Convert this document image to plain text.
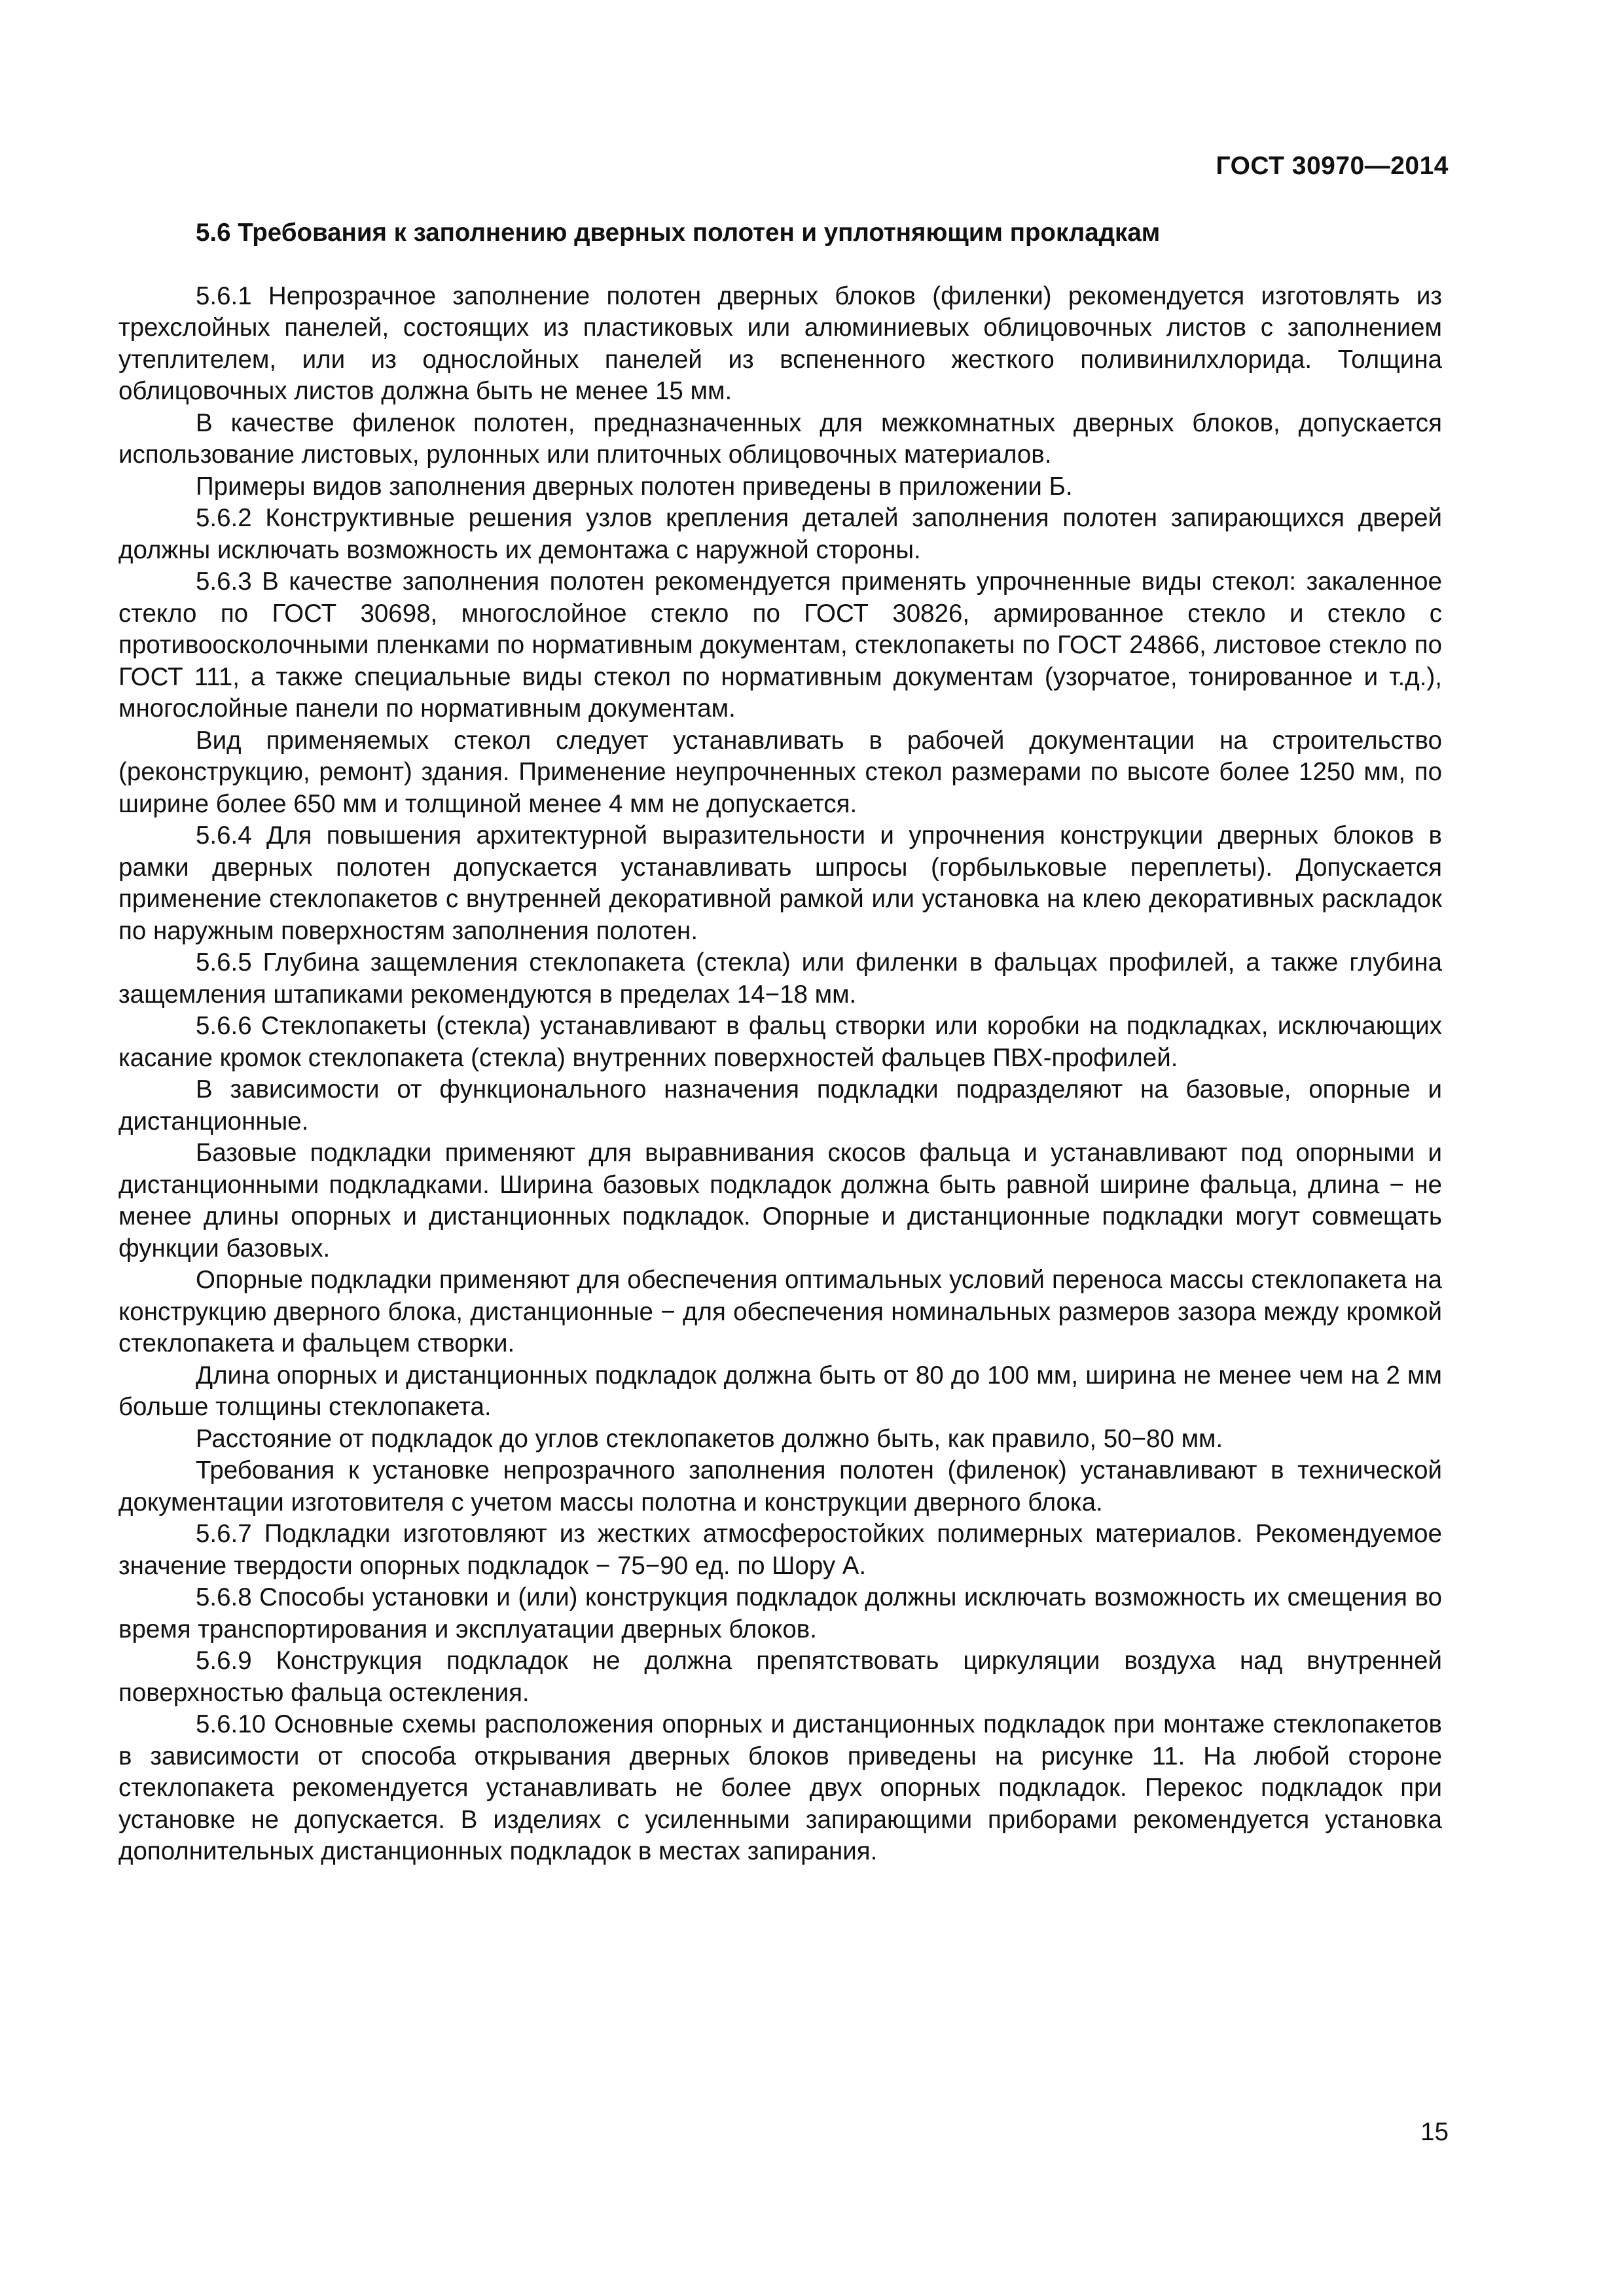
ГОСТ 30970—2014

5.6 Требования к заполнению дверных полотен и уплотняющим прокладкам

5.6.1 Непрозрачное заполнение полотен дверных блоков (филенки) рекомендуется изготовлять из трехслойных панелей, состоящих из пластиковых или алюминиевых облицовочных листов с заполнением утеплителем, или из однослойных панелей из вспененного жесткого поливинилхлорида. Толщина облицовочных листов должна быть не менее 15 мм.

В качестве филенок полотен, предназначенных для межкомнатных дверных блоков, допускается использование листовых, рулонных или плиточных облицовочных материалов.

Примеры видов заполнения дверных полотен приведены в приложении Б.

5.6.2 Конструктивные решения узлов крепления деталей заполнения полотен запирающихся дверей должны исключать возможность их демонтажа с наружной стороны.

5.6.3 В качестве заполнения полотен рекомендуется применять упрочненные виды стекол: закаленное стекло по ГОСТ 30698, многослойное стекло по ГОСТ 30826, армированное стекло и стекло с противоосколочными пленками по нормативным документам, стеклопакеты по ГОСТ 24866, листовое стекло по ГОСТ 111, а также специальные виды стекол по нормативным документам (узорчатое, тонированное и т.д.), многослойные панели по нормативным документам.

Вид применяемых стекол следует устанавливать в рабочей документации на строительство (реконструкцию, ремонт) здания. Применение неупрочненных стекол размерами по высоте более 1250 мм, по ширине более 650 мм и толщиной менее 4 мм не допускается.

5.6.4 Для повышения архитектурной выразительности и упрочнения конструкции дверных блоков в рамки дверных полотен допускается устанавливать шпросы (горбыльковые переплеты). Допускается применение стеклопакетов с внутренней декоративной рамкой или установка на клею декоративных раскладок по наружным поверхностям заполнения полотен.

5.6.5 Глубина защемления стеклопакета (стекла) или филенки в фальцах профилей, а также глубина защемления штапиками рекомендуются в пределах 14−18 мм.

5.6.6 Стеклопакеты (стекла) устанавливают в фальц створки или коробки на подкладках, исключающих касание кромок стеклопакета (стекла) внутренних поверхностей фальцев ПВХ-профилей.

В зависимости от функционального назначения подкладки подразделяют на базовые, опорные и дистанционные.

Базовые подкладки применяют для выравнивания скосов фальца и устанавливают под опорными и дистанционными подкладками. Ширина базовых подкладок должна быть равной ширине фальца, длина − не менее длины опорных и дистанционных подкладок. Опорные и дистанционные подкладки могут совмещать функции базовых.

Опорные подкладки применяют для обеспечения оптимальных условий переноса массы стеклопакета на конструкцию дверного блока, дистанционные − для обеспечения номинальных размеров зазора между кромкой стеклопакета и фальцем створки.

Длина опорных и дистанционных подкладок должна быть от 80 до 100 мм, ширина не менее чем на 2 мм больше толщины стеклопакета.

Расстояние от подкладок до углов стеклопакетов должно быть, как правило, 50−80 мм.

Требования к установке непрозрачного заполнения полотен (филенок) устанавливают в технической документации изготовителя с учетом массы полотна и конструкции дверного блока.

5.6.7 Подкладки изготовляют из жестких атмосферостойких полимерных материалов. Рекомендуемое значение твердости опорных подкладок − 75−90 ед. по Шору А.

5.6.8 Способы установки и (или) конструкция подкладок должны исключать возможность их смещения во время транспортирования и эксплуатации дверных блоков.

5.6.9 Конструкция подкладок не должна препятствовать циркуляции воздуха над внутренней поверхностью фальца остекления.

5.6.10 Основные схемы расположения опорных и дистанционных подкладок при монтаже стеклопакетов в зависимости от способа открывания дверных блоков приведены на рисунке 11. На любой стороне стеклопакета рекомендуется устанавливать не более двух опорных подкладок. Перекос подкладок при установке не допускается. В изделиях с усиленными запирающими приборами рекомендуется установка дополнительных дистанционных подкладок в местах запирания.

15
